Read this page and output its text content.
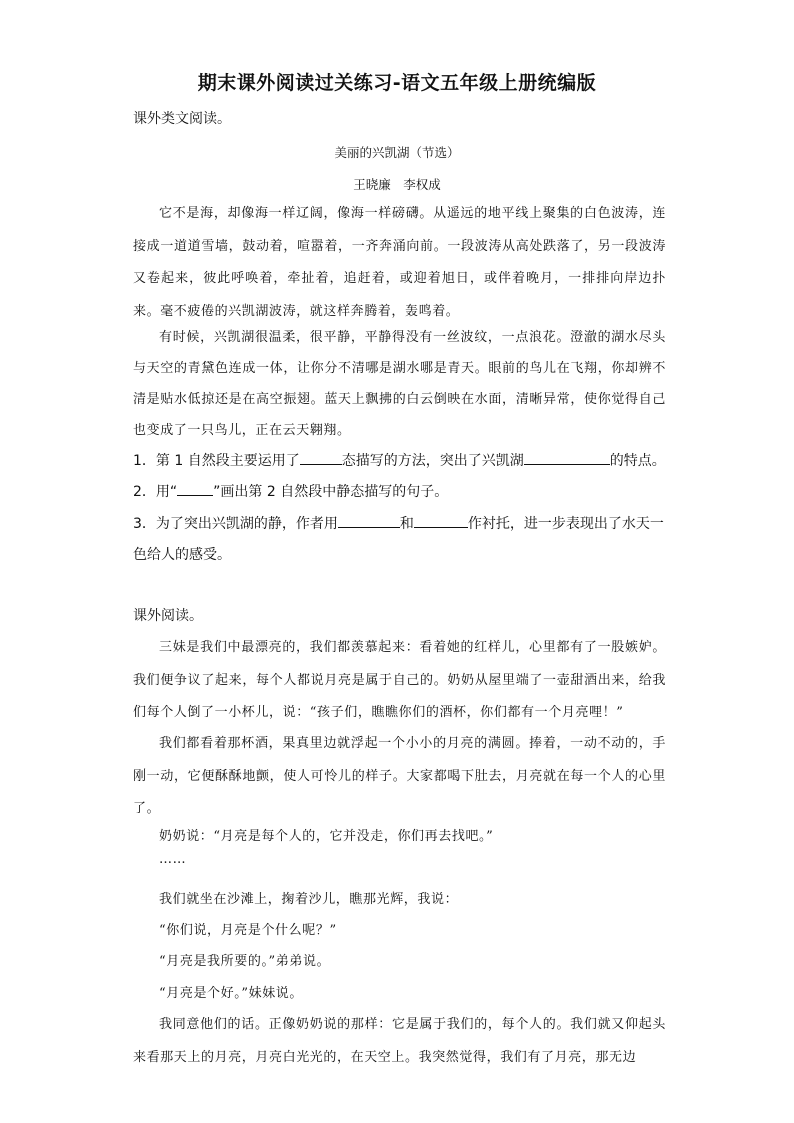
期末课外阅读过关练习-语文五年级上册统编版
课外类文阅读。
美丽的兴凯湖（节选）
王晓廉　李权成
它不是海，却像海一样辽阔，像海一样磅礴。从遥远的地平线上聚集的白色波涛，连接成一道道雪墙，鼓动着，喧嚣着，一齐奔涌向前。一段波涛从高处跌落了，另一段波涛又卷起来，彼此呼唤着，牵扯着，追赶着，或迎着旭日，或伴着晚月，一排排向岸边扑来。毫不疲倦的兴凯湖波涛，就这样奔腾着，轰鸣着。
有时候，兴凯湖很温柔，很平静，平静得没有一丝波纹，一点浪花。澄澈的湖水尽头与天空的青黛色连成一体，让你分不清哪是湖水哪是青天。眼前的鸟儿在飞翔，你却辨不清是贴水低掠还是在高空振翅。蓝天上飘拂的白云倒映在水面，清晰异常，使你觉得自己也变成了一只鸟儿，正在云天翱翔。
1．第 1 自然段主要运用了	态描写的方法，突出了兴凯湖	的特点。
2．用“	”画出第 2 自然段中静态描写的句子。
3．为了突出兴凯湖的静，作者用	和	作衬托，进一步表现出了水天一色给人的感受。
课外阅读。
三妹是我们中最漂亮的，我们都羡慕起来：看着她的红样儿，心里都有了一股嫉妒。我们便争议了起来，每个人都说月亮是属于自己的。奶奶从屋里端了一壶甜酒出来，给我们每个人倒了一小杯儿，说：“孩子们，瞧瞧你们的酒杯，你们都有一个月亮哩！”
我们都看着那杯酒，果真里边就浮起一个小小的月亮的满圆。捧着，一动不动的，手刚一动，它便酥酥地颤，使人可怜儿的样子。大家都喝下肚去，月亮就在每一个人的心里了。
奶奶说：“月亮是每个人的，它并没走，你们再去找吧。”
……
我们就坐在沙滩上，掬着沙儿，瞧那光辉，我说：
“你们说，月亮是个什么呢？”
“月亮是我所要的。”弟弟说。
“月亮是个好。”妹妹说。
我同意他们的话。正像奶奶说的那样：它是属于我们的，每个人的。我们就又仰起头来看那天上的月亮，月亮白光光的，在天空上。我突然觉得，我们有了月亮，那无边
